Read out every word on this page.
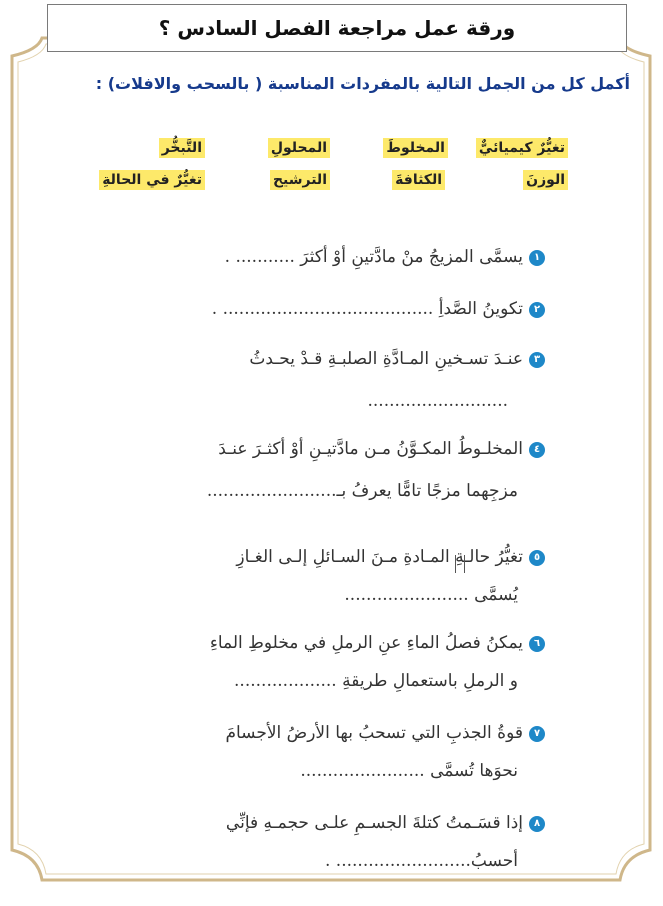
ورقة عمل مراجعة الفصل السادس ؟
أكمل كل من الجمل التالية بالمفردات المناسبة ( بالسحب والافلات) :
تغيُّرٌ كيميائيٌّ
المخلوطَ
المحلولِ
التَّبخُّر
الوزنَ
الكثافةَ
الترشيح
تغيُّرٌ في الحالةِ
١يسمَّى المزيجُ منْ مادَّتينِ أوْ أكثرَ ........... .
٢تكوينُ الصَّدأِ ....................................... .
٣عنـدَ تسـخينِ المـادَّةِ الصلبـةِ قـدْ يحـدثُ
..........................
٤المخلـوطُ المكـوَّنُ مـن مادَّتيـنِ أوْ أكثـرَ عنـدَ
مزجِهما مزجًا تامًّا يعرفُ بـ........................
٥تغيُّرُ حالـةِ المـادةِ مـنَ السـائلِ إلـى الغـازِ
يُسمَّى .......................
٦يمكنُ فصلُ الماءِ عنِ الرملِ في مخلوطِ الماءِ
و الرملِ باستعمالِ طريقةِ ...................
٧قوةُ الجذبِ التي تسحبُ بها الأرضُ الأجسامَ
نحوَها تُسمَّى .......................
٨إذا قسَـمتُ كتلةَ الجسـمِ علـى حجمـهِ فإنِّي
أحسبُ......................... .
